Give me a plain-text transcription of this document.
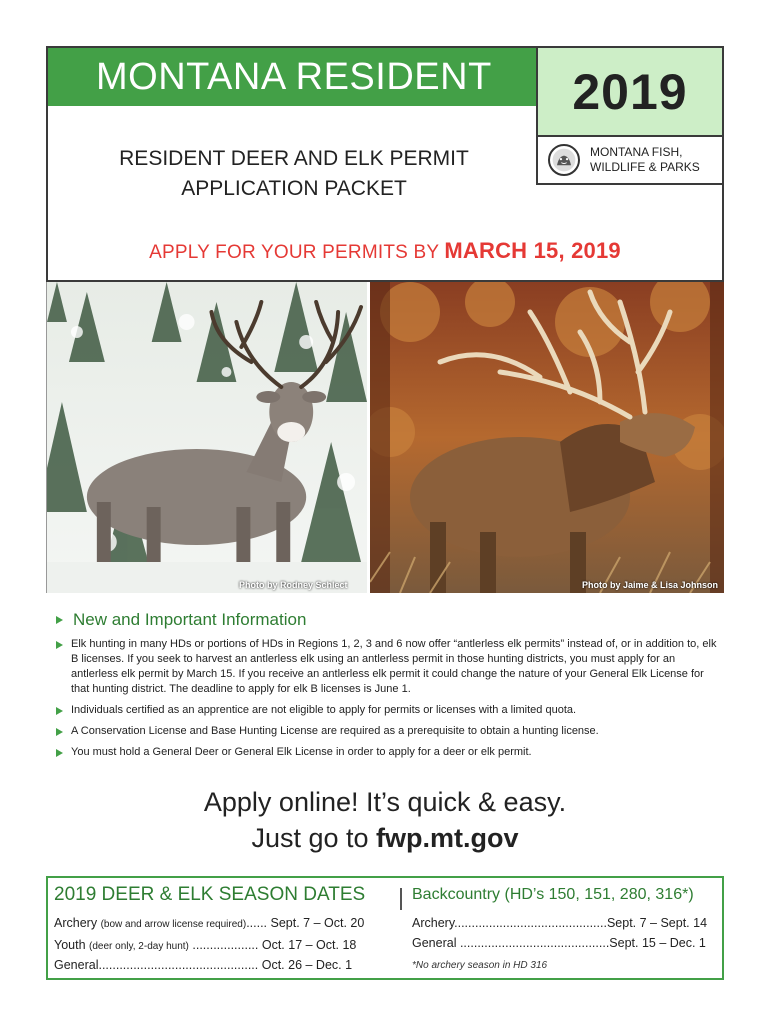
MONTANA RESIDENT	2019
MONTANA FISH,
WILDLIFE & PARKS
RESIDENT DEER AND ELK PERMIT
APPLICATION PACKET
APPLY FOR YOUR PERMITS BY MARCH 15, 2019
Photo by Rodney Schlect	Photo by Jaime & Lisa Johnson
New and Important Information
Elk hunting in many HDs or portions of HDs in Regions 1, 2, 3 and 6 now offer “antlerless elk permits” instead of, or in addition to, elk B licenses. If you seek to harvest an antlerless elk using an antlerless permit in those hunting districts, you must apply for an antlerless elk permit by March 15. If you receive an antlerless elk permit it could change the nature of your General Elk License for that hunting district. The deadline to apply for elk B licenses is June 1.
Individuals certified as an apprentice are not eligible to apply for permits or licenses with a limited quota.
A Conservation License and Base Hunting License are required as a prerequisite to obtain a hunting license.
You must hold a General Deer or General Elk License in order to apply for a deer or elk permit.
Apply online! It’s quick & easy.
Just go to fwp.mt.gov
2019 DEER & ELK SEASON DATES	Backcountry (HD’s 150, 151, 280, 316*)
Archery (bow and arrow license required)...... Sept. 7 – Oct. 20
Youth (deer only, 2-day hunt) ................... Oct. 17 – Oct. 18
General.............................................. Oct. 26 – Dec. 1
Archery............................................Sept. 7 – Sept. 14
General ...........................................Sept. 15 – Dec. 1
*No archery season in HD 316
